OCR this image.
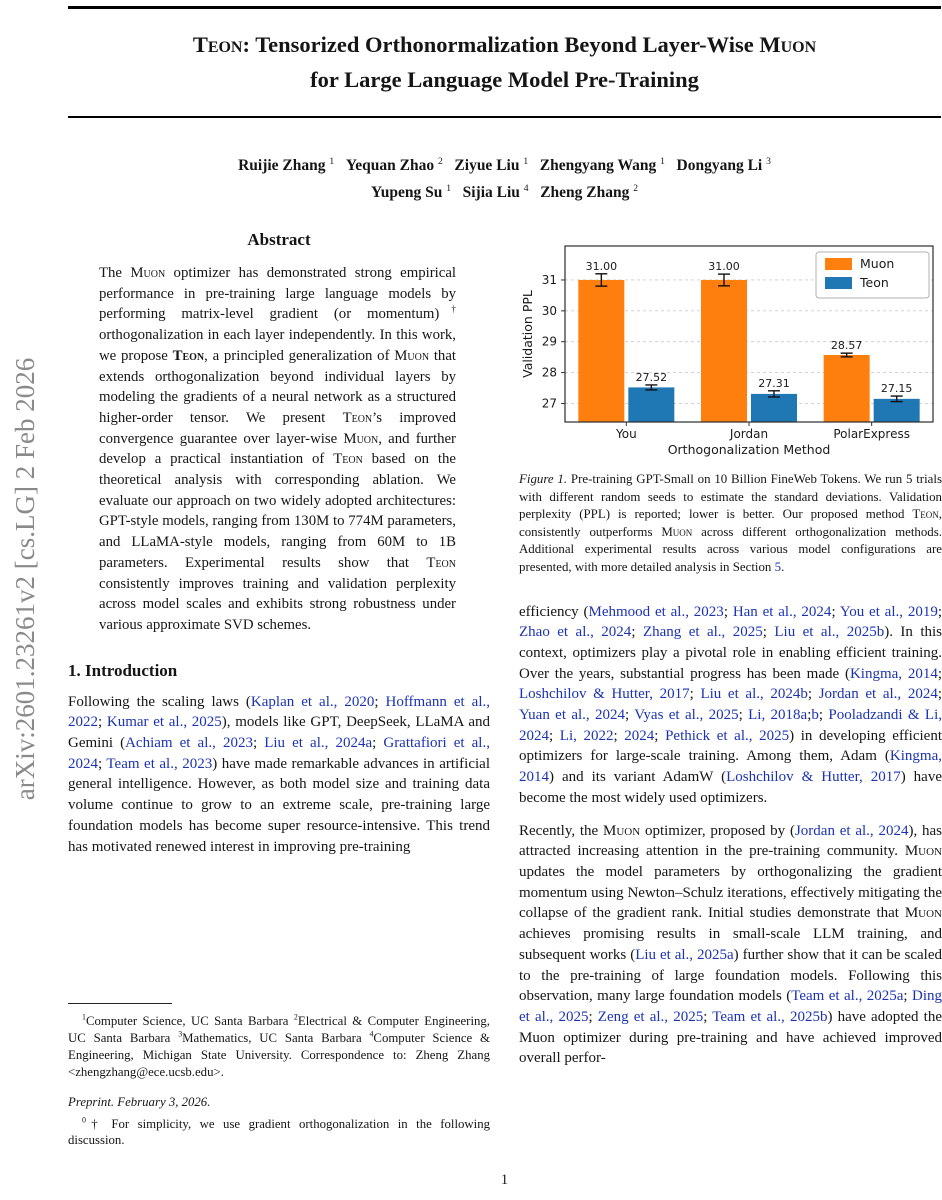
Teon: Tensorized Orthonormalization Beyond Layer-Wise Muon
for Large Language Model Pre-Training
Ruijie Zhang $^1$   Yequan Zhao $^2$   Ziyue Liu $^1$   Zhengyang Wang $^1$   Dongyang Li $^3$
Yupeng Su $^1$   Sijia Liu $^4$   Zheng Zhang $^2$
arXiv:2601.23261v2 [cs.LG] 2 Feb 2026
Abstract

The Muon optimizer has demonstrated strong empirical performance in pre-training large language models by performing matrix-level gradient (or momentum)† orthogonalization in each layer independently. In this work, we propose Teon, a principled generalization of Muon that extends orthogonalization beyond individual layers by modeling the gradients of a neural network as a structured higher-order tensor. We present Teon’s improved convergence guarantee over layer-wise Muon, and further develop a practical instantiation of Teon based on the theoretical analysis with corresponding ablation. We evaluate our approach on two widely adopted architectures: GPT-style models, ranging from 130M to 774M parameters, and LLaMA-style models, ranging from 60M to 1B parameters. Experimental results show that Teon consistently improves training and validation perplexity across model scales and exhibits strong robustness under various approximate SVD schemes.

1. Introduction

Following the scaling laws (Kaplan et al., 2020; Hoffmann et al., 2022; Kumar et al., 2025), models like GPT, DeepSeek, LLaMA and Gemini (Achiam et al., 2023; Liu et al., 2024a; Grattafiori et al., 2024; Team et al., 2023) have made remarkable advances in artificial general intelligence. However, as both model size and training data volume continue to grow to an extreme scale, pre-training large foundation models has become super resource-intensive. This trend has motivated renewed interest in improving pre-training

$^1$Computer Science, UC Santa Barbara $^2$Electrical & Computer Engineering, UC Santa Barbara $^3$Mathematics, UC Santa Barbara $^4$Computer Science & Engineering, Michigan State University. Correspondence to: Zheng Zhang <zhengzhang@ece.ucsb.edu>.

Preprint. February 3, 2026.

$^0$† For simplicity, we use gradient orthogonalization in the following discussion.

31.00
27.52
You
31.00
27.31
Jordan
28.57
27.15
PolarExpress
27
28
29
30
31
Orthogonalization Method
Validation PPL
Muon
Teon
Figure 1. Pre-training GPT-Small on 10 Billion FineWeb Tokens. We run 5 trials with different random seeds to estimate the standard deviations. Validation perplexity (PPL) is reported; lower is better. Our proposed method Teon, consistently outperforms Muon across different orthogonalization methods. Additional experimental results across various model configurations are presented, with more detailed analysis in Section 5.

efficiency (Mehmood et al., 2023; Han et al., 2024; You et al., 2019; Zhao et al., 2024; Zhang et al., 2025; Liu et al., 2025b). In this context, optimizers play a pivotal role in enabling efficient training. Over the years, substantial progress has been made (Kingma, 2014; Loshchilov & Hutter, 2017; Liu et al., 2024b; Jordan et al., 2024; Yuan et al., 2024; Vyas et al., 2025; Li, 2018a;b; Pooladzandi & Li, 2024; Li, 2022; 2024; Pethick et al., 2025) in developing efficient optimizers for large-scale training. Among them, Adam (Kingma, 2014) and its variant AdamW (Loshchilov & Hutter, 2017) have become the most widely used optimizers.

Recently, the Muon optimizer, proposed by (Jordan et al., 2024), has attracted increasing attention in the pre-training community. Muon updates the model parameters by orthogonalizing the gradient momentum using Newton–Schulz iterations, effectively mitigating the collapse of the gradient rank. Initial studies demonstrate that Muon achieves promising results in small-scale LLM training, and subsequent works (Liu et al., 2025a) further show that it can be scaled to the pre-training of large foundation models. Following this observation, many large foundation models (Team et al., 2025a; Ding et al., 2025; Zeng et al., 2025; Team et al., 2025b) have adopted the Muon optimizer during pre-training and have achieved improved overall perfor-

1
